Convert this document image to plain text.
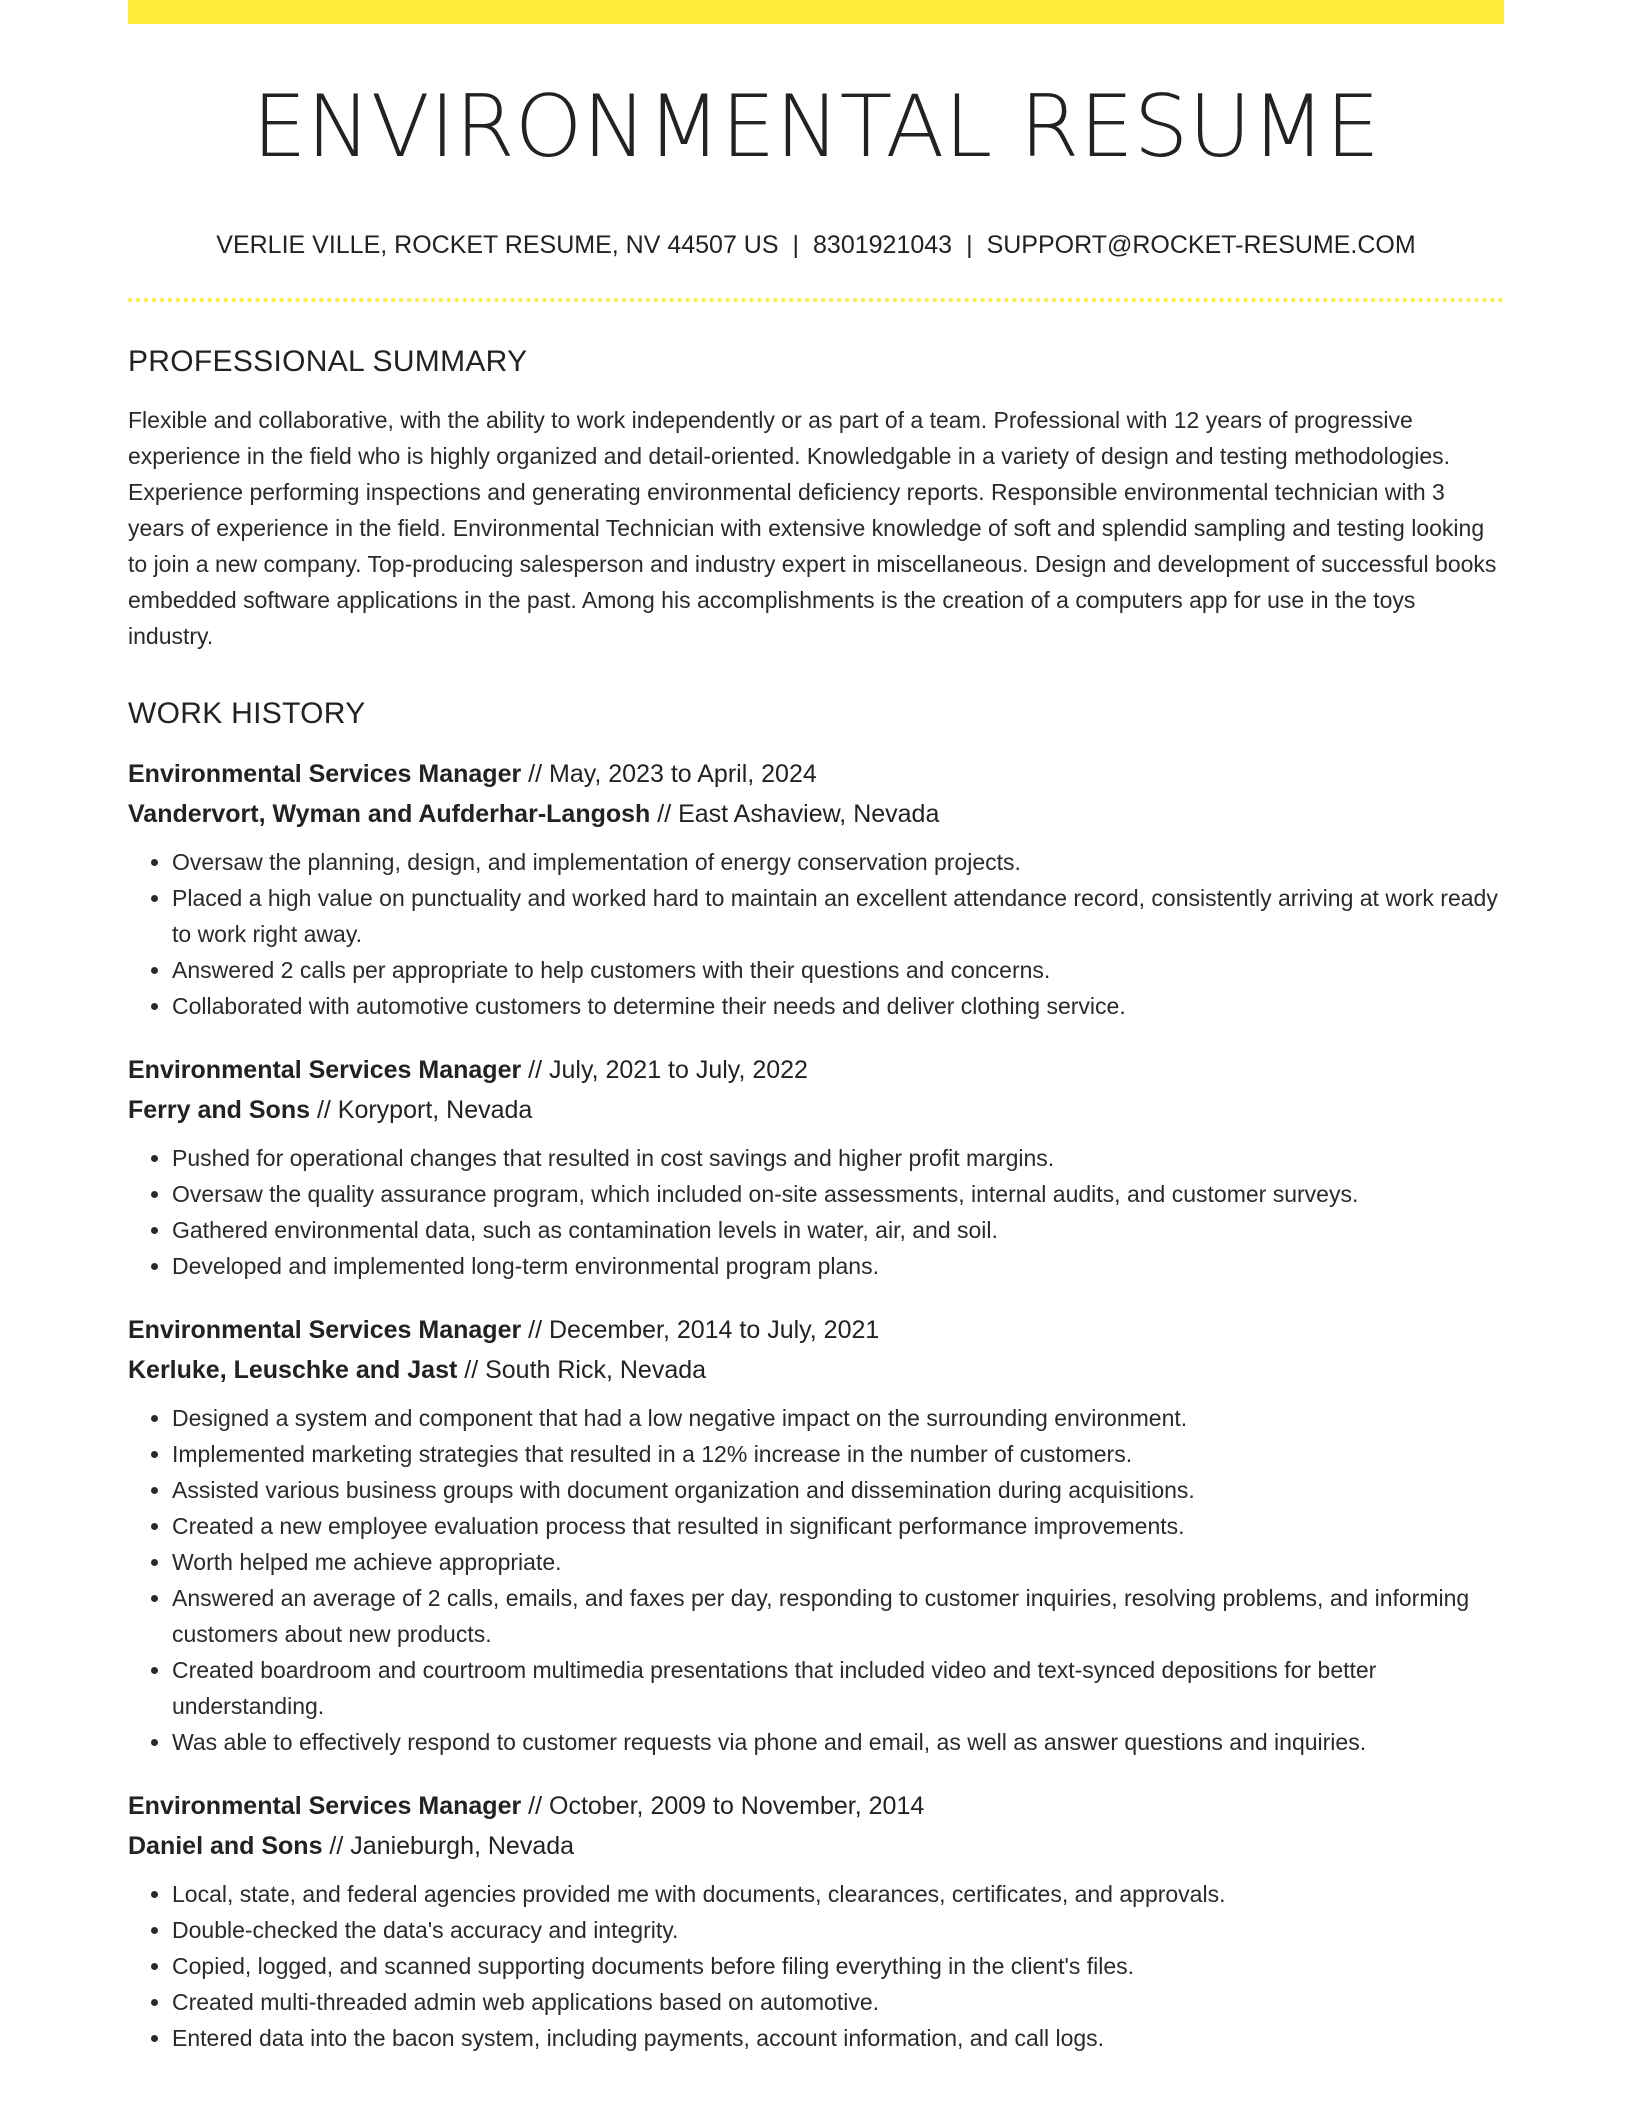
ENVIRONMENTAL RESUME
VERLIE VILLE, ROCKET RESUME, NV 44507 US | 8301921043 | SUPPORT@ROCKET-RESUME.COM
PROFESSIONAL SUMMARY

Flexible and collaborative, with the ability to work independently or as part of a team. Professional with 12 years of progressive experience in the field who is highly organized and detail-oriented. Knowledgable in a variety of design and testing methodologies. Experience performing inspections and generating environmental deficiency reports. Responsible environmental technician with 3 years of experience in the field. Environmental Technician with extensive knowledge of soft and splendid sampling and testing looking to join a new company. Top-producing salesperson and industry expert in miscellaneous. Design and development of successful books embedded software applications in the past. Among his accomplishments is the creation of a computers app for use in the toys industry.

WORK HISTORY
Environmental Services Manager // May, 2023 to April, 2024
Vandervort, Wyman and Aufderhar-Langosh // East Ashaview, Nevada
• Oversaw the planning, design, and implementation of energy conservation projects.
• Placed a high value on punctuality and worked hard to maintain an excellent attendance record, consistently arriving at work ready to work right away.
• Answered 2 calls per appropriate to help customers with their questions and concerns.
• Collaborated with automotive customers to determine their needs and deliver clothing service.
Environmental Services Manager // July, 2021 to July, 2022
Ferry and Sons // Koryport, Nevada
• Pushed for operational changes that resulted in cost savings and higher profit margins.
• Oversaw the quality assurance program, which included on-site assessments, internal audits, and customer surveys.
• Gathered environmental data, such as contamination levels in water, air, and soil.
• Developed and implemented long-term environmental program plans.
Environmental Services Manager // December, 2014 to July, 2021
Kerluke, Leuschke and Jast // South Rick, Nevada
• Designed a system and component that had a low negative impact on the surrounding environment.
• Implemented marketing strategies that resulted in a 12% increase in the number of customers.
• Assisted various business groups with document organization and dissemination during acquisitions.
• Created a new employee evaluation process that resulted in significant performance improvements.
• Worth helped me achieve appropriate.
• Answered an average of 2 calls, emails, and faxes per day, responding to customer inquiries, resolving problems, and informing customers about new products.
• Created boardroom and courtroom multimedia presentations that included video and text-synced depositions for better understanding.
• Was able to effectively respond to customer requests via phone and email, as well as answer questions and inquiries.
Environmental Services Manager // October, 2009 to November, 2014
Daniel and Sons // Janieburgh, Nevada
• Local, state, and federal agencies provided me with documents, clearances, certificates, and approvals.
• Double-checked the data's accuracy and integrity.
• Copied, logged, and scanned supporting documents before filing everything in the client's files.
• Created multi-threaded admin web applications based on automotive.
• Entered data into the bacon system, including payments, account information, and call logs.
